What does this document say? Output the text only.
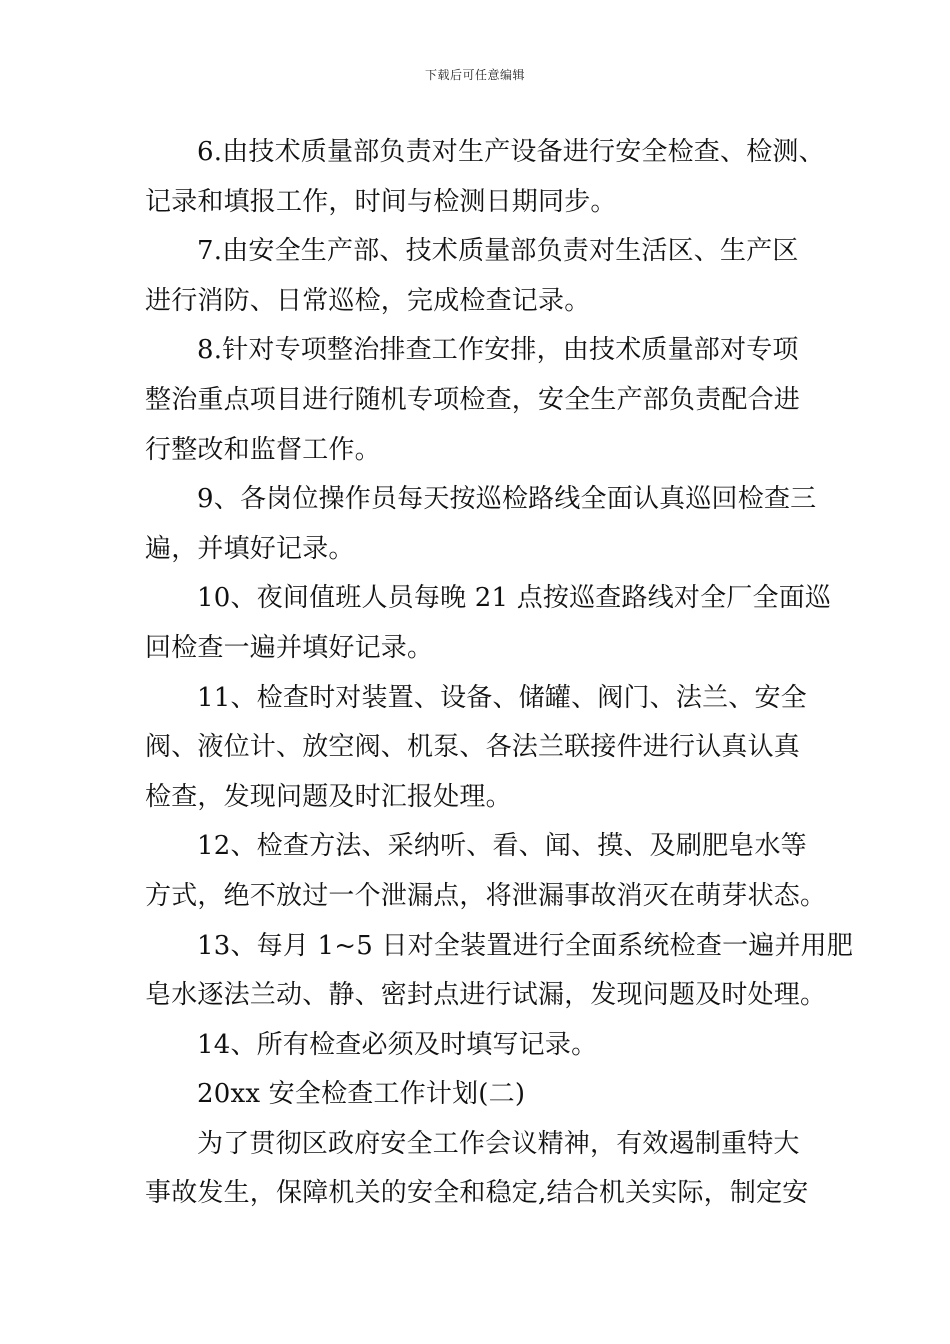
下载后可任意编辑
6.由技术质量部负责对生产设备进行安全检查、检测、
记录和填报工作，时间与检测日期同步。
7.由安全生产部、技术质量部负责对生活区、生产区
进行消防、日常巡检，完成检查记录。
8.针对专项整治排查工作安排，由技术质量部对专项
整治重点项目进行随机专项检查，安全生产部负责配合进
行整改和监督工作。
9、各岗位操作员每天按巡检路线全面认真巡回检查三
遍，并填好记录。
10、夜间值班人员每晚 21 点按巡查路线对全厂全面巡
回检查一遍并填好记录。
11、检查时对装置、设备、储罐、阀门、法兰、安全
阀、液位计、放空阀、机泵、各法兰联接件进行认真认真
检查，发现问题及时汇报处理。
12、检查方法、采纳听、看、闻、摸、及刷肥皂水等
方式，绝不放过一个泄漏点，将泄漏事故消灭在萌芽状态。
13、每月 1~5 日对全装置进行全面系统检查一遍并用肥
皂水逐法兰动、静、密封点进行试漏，发现问题及时处理。
14、所有检查必须及时填写记录。
20xx 安全检查工作计划(二)
为了贯彻区政府安全工作会议精神，有效遏制重特大
事故发生，保障机关的安全和稳定,结合机关实际，制定安
